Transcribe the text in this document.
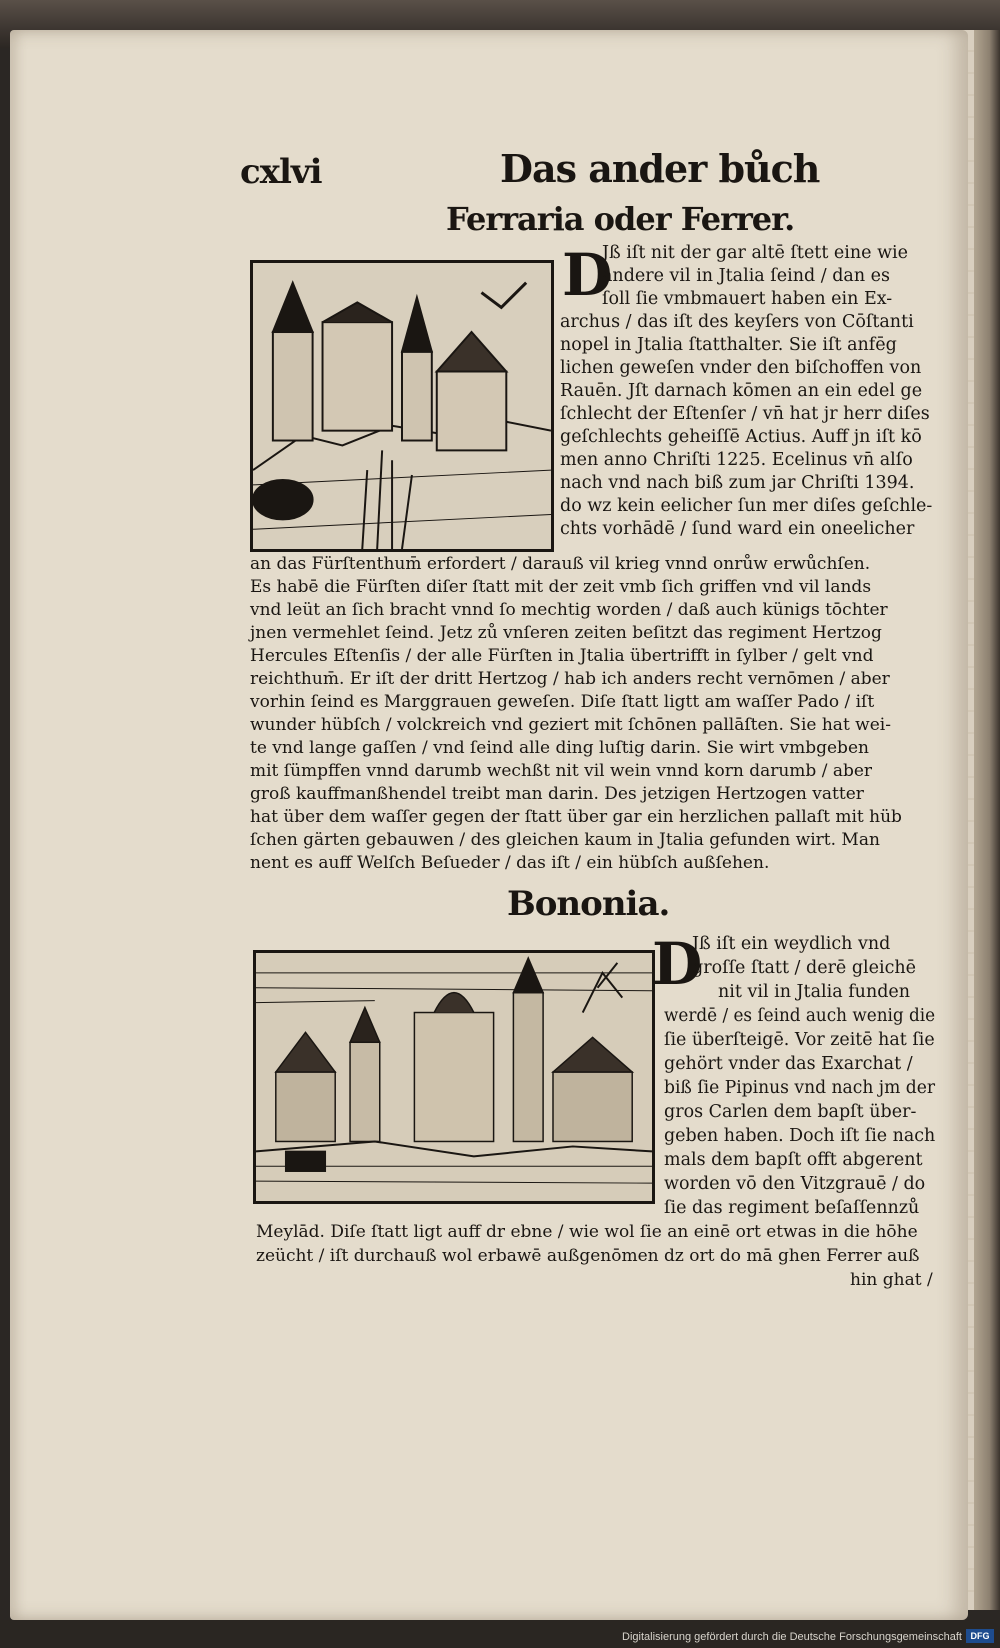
cxlvi	Das ander bůch
Ferraria oder Ferrer.
D
Jß iſt nit der gar altē ſtett eine wie
andere vil in Jtalia ſeind / dan es
ſoll ſie vmbmauert haben ein Ex-
archus / das iſt des keyſers von Cōſtanti
nopel in Jtalia ſtatthalter. Sie iſt anfēg
lichen geweſen vnder den biſchoffen von
Rauēn. Jſt darnach kōmen an ein edel ge
ſchlecht der Eſtenſer / vn̄ hat jr herr diſes
geſchlechts geheiſſē Actius. Auff jn iſt kō
men anno Chriſti 1225. Ecelinus vn̄ alſo
nach vnd nach biß zum jar Chriſti 1394.
do wz kein eelicher ſun mer diſes geſchle-
chts vorhādē / ſund ward ein oneelicher
an das Fürſtenthum̄ erfordert / darauß vil krieg vnnd onrůw erwůchſen.
Es habē die Fürſten diſer ſtatt mit der zeit vmb ſich griffen vnd vil lands
vnd leüt an ſich bracht vnnd ſo mechtig worden / daß auch künigs tōchter
jnen vermehlet ſeind. Jetz zů vnſeren zeiten beſitzt das regiment Hertzog
Hercules Eſtenſis / der alle Fürſten in Jtalia übertrifft in ſylber / gelt vnd
reichthum̄. Er iſt der dritt Hertzog / hab ich anders recht vernōmen / aber
vorhin ſeind es Marggrauen geweſen. Diſe ſtatt ligtt am waſſer Pado / iſt
wunder hübſch / volckreich vnd geziert mit ſchōnen pallāſten. Sie hat wei-
te vnd lange gaſſen / vnd ſeind alle ding luſtig darin. Sie wirt vmbgeben
mit ſümpffen vnnd darumb wechßt nit vil wein vnnd korn darumb / aber
groß kauffmanßhendel treibt man darin. Des jetzigen Hertzogen vatter
hat über dem waſſer gegen der ſtatt über gar ein herzlichen pallaſt mit hüb
ſchen gärten gebauwen / des gleichen kaum in Jtalia gefunden wirt. Man
nent es auff Welſch Beſueder / das iſt / ein hübſch außſehen.
Bononia.
D
Jß iſt ein weydlich vnd
groſſe ſtatt / derē gleichē
nit vil in Jtalia funden
werdē / es ſeind auch wenig die
ſie überſteigē. Vor zeitē hat ſie
gehört vnder das Exarchat /
biß ſie Pipinus vnd nach jm der
gros Carlen dem bapſt über-
geben haben. Doch iſt ſie nach
mals dem bapſt offt abgerent
worden vō den Vitzgrauē / do
ſie das regiment beſaſſennzů
Meylād. Diſe ſtatt ligt auff dr ebne / wie wol ſie an einē ort etwas in die hōhe
zeücht / iſt durchauß wol erbawē außgenōmen dz ort do mā ghen Ferrer auß
hin ghat /
Digitalisierung gefördert durch die Deutsche Forschungsgemeinschaft DFG
